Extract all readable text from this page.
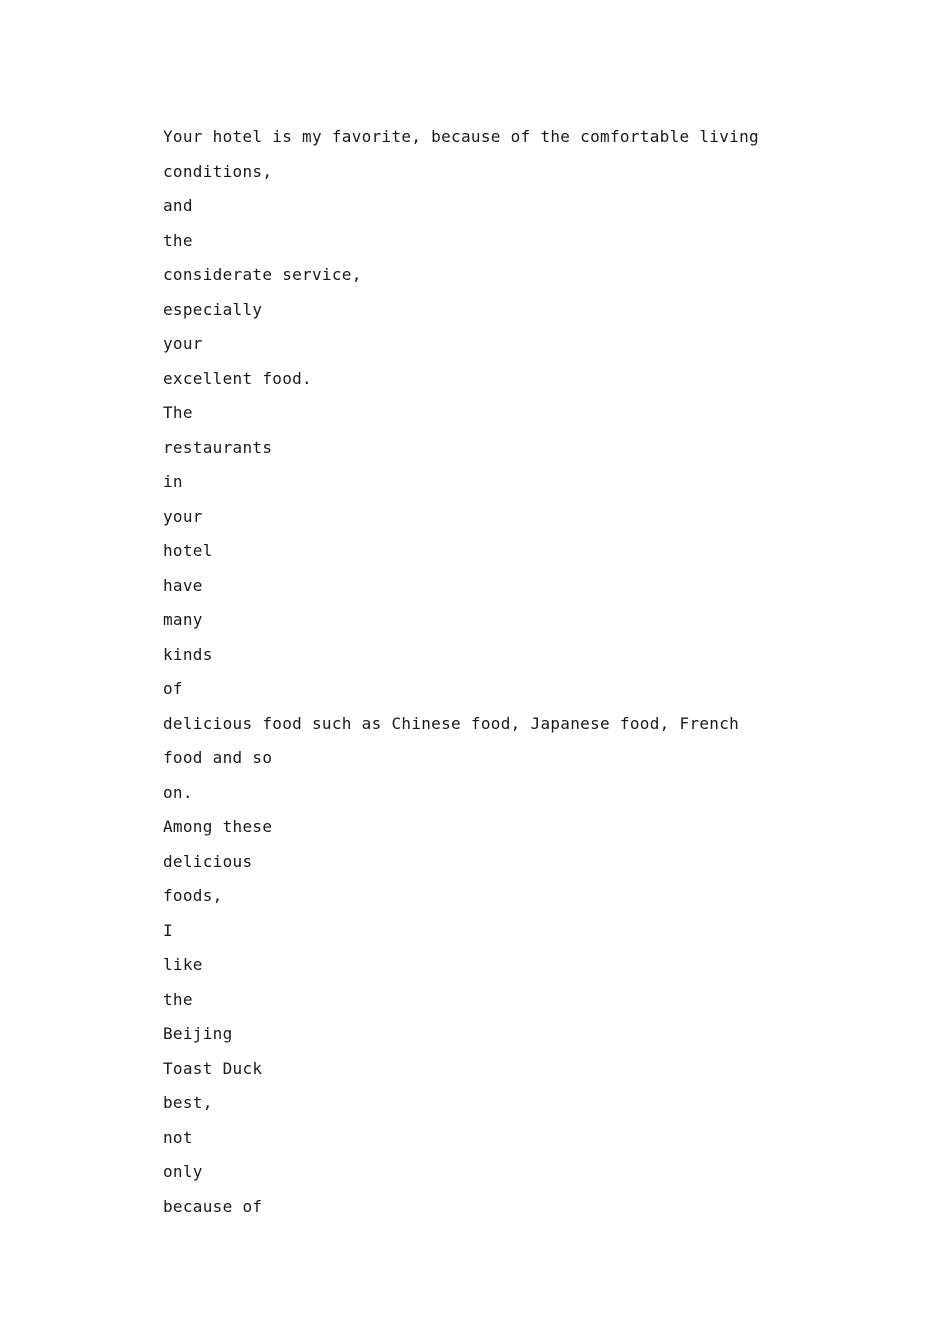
Your hotel is my favorite, because of the comfortable living
conditions,
and
the
considerate service,
especially
your
excellent food.
The
restaurants
in
your
hotel
have
many
kinds
of
delicious food such as Chinese food, Japanese food, French
food and so
on.
Among these
delicious
foods,
I
like
the
Beijing
Toast Duck
best,
not
only
because of
